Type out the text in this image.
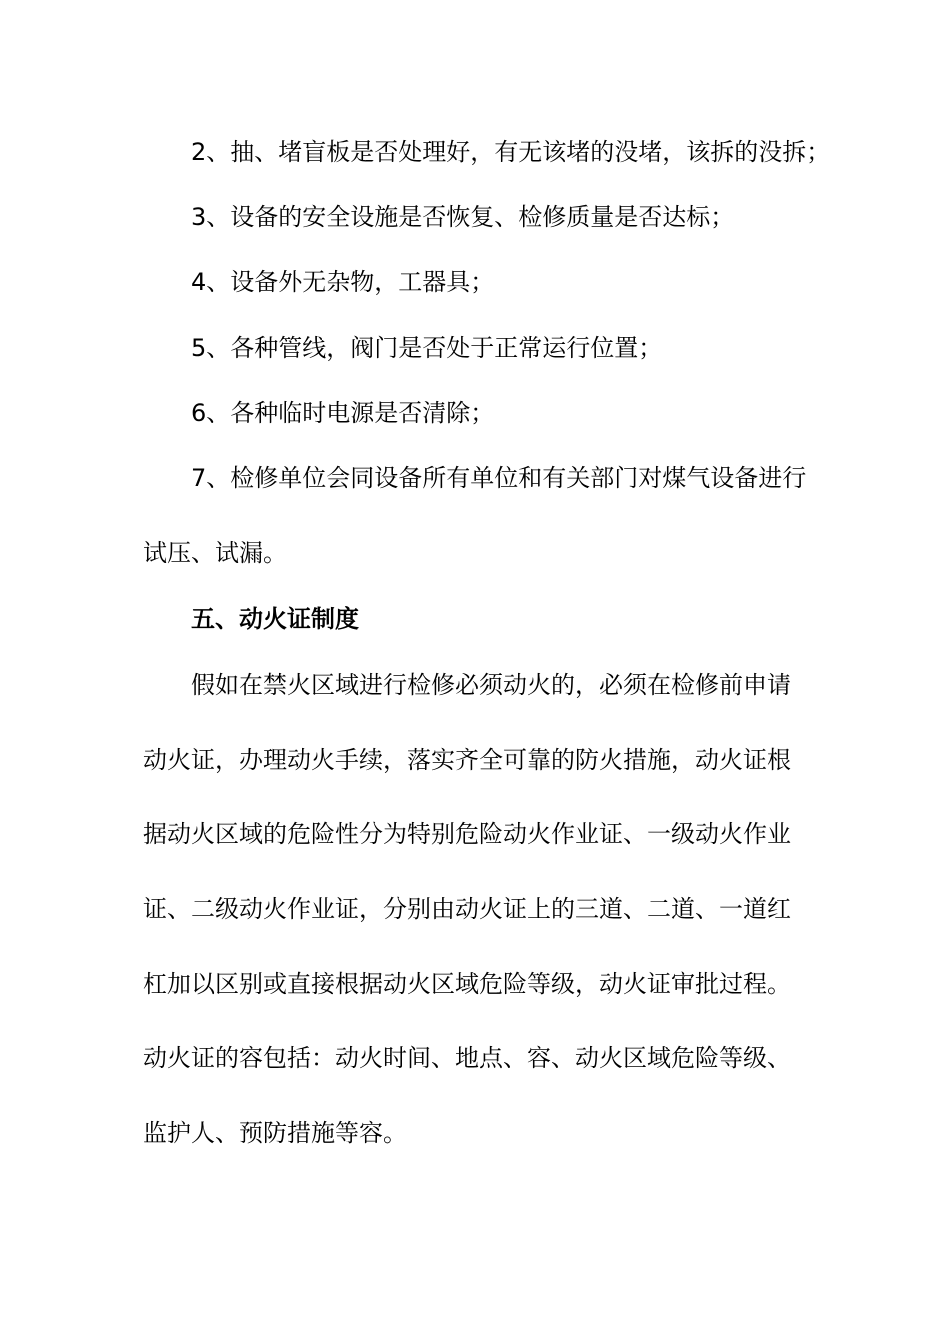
2、抽、堵盲板是否处理好，有无该堵的没堵，该拆的没拆；
3、设备的安全设施是否恢复、检修质量是否达标；
4、设备外无杂物，工器具；
5、各种管线，阀门是否处于正常运行位置；
6、各种临时电源是否清除；
7、检修单位会同设备所有单位和有关部门对煤气设备进行
试压、试漏。
五、动火证制度
假如在禁火区域进行检修必须动火的，必须在检修前申请
动火证，办理动火手续，落实齐全可靠的防火措施，动火证根
据动火区域的危险性分为特别危险动火作业证、一级动火作业
证、二级动火作业证，分别由动火证上的三道、二道、一道红
杠加以区别或直接根据动火区域危险等级，动火证审批过程。
动火证的容包括：动火时间、地点、容、动火区域危险等级、
监护人、预防措施等容。
